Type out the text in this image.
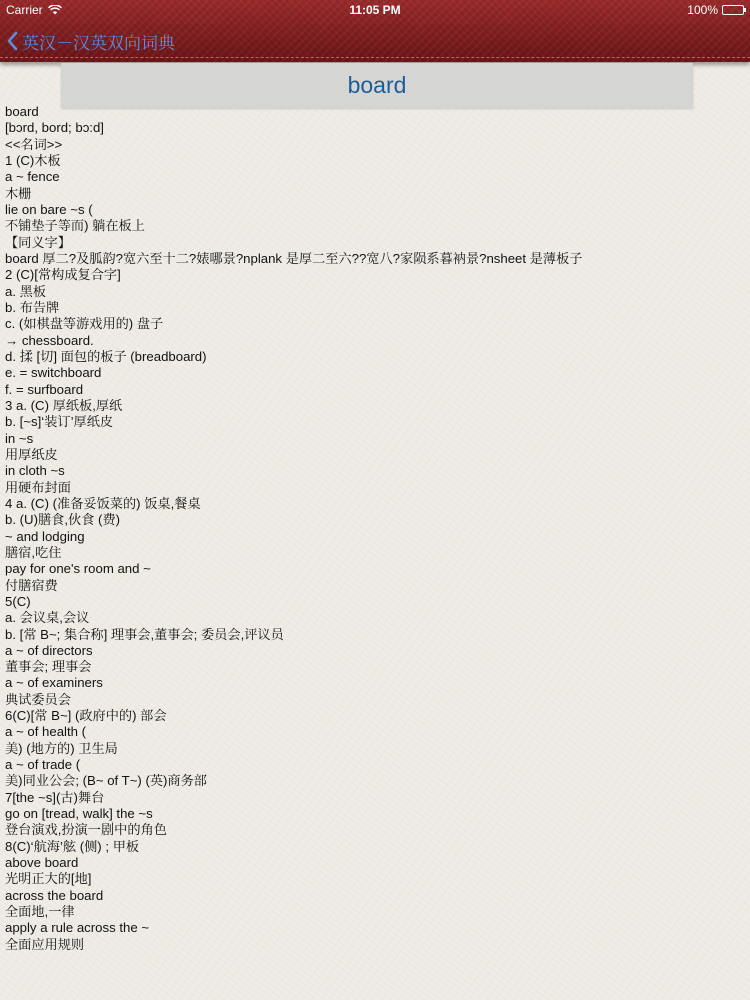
Carrier	11:05 PM	100%
英汉－汉英双向词典
board
board
[bɔrd, bord; bɔ:d]
<<名词>>
1 (C)木板
a ~ fence
木栅
lie on bare ~s (
不铺垫子等而) 躺在板上
【同义字】
board 厚二?及胍韵?宽六至十二?婊哪景?nplank 是厚二至六??宽八?家陨系暮衲景?nsheet 是薄板子
2 (C)[常构成复合字]
a. 黑板
b. 布告牌
c. (如棋盘等游戏用的) 盘子
→ chessboard.
d. 揉 [切] 面包的板子 (breadboard)
e. = switchboard
f. = surfboard
3 a. (C) 厚纸板,厚纸
b. [~s]‘装订’厚纸皮
in ~s
用厚纸皮
in cloth ~s
用硬布封面
4 a. (C) (准备妥饭菜的) 饭桌,餐桌
b. (U)膳食,伙食 (费)
~ and lodging
膳宿,吃住
pay for one's room and ~
付膳宿费
5(C)
a. 会议桌,会议
b. [常 B~; 集合称] 理事会,董事会; 委员会,评议员
a ~ of directors
董事会; 理事会
a ~ of examiners
典试委员会
6(C)[常 B~] (政府中的) 部会
a ~ of health (
美) (地方的) 卫生局
a ~ of trade (
美)同业公会; (B~ of T~) (英)商务部
7[the ~s](古)舞台
go on [tread, walk] the ~s
登台演戏,扮演一剧中的角色
8(C)‘航海’舷 (侧) ; 甲板
above board
光明正大的[地]
across the board
全面地,一律
apply a rule across the ~
全面应用规则
